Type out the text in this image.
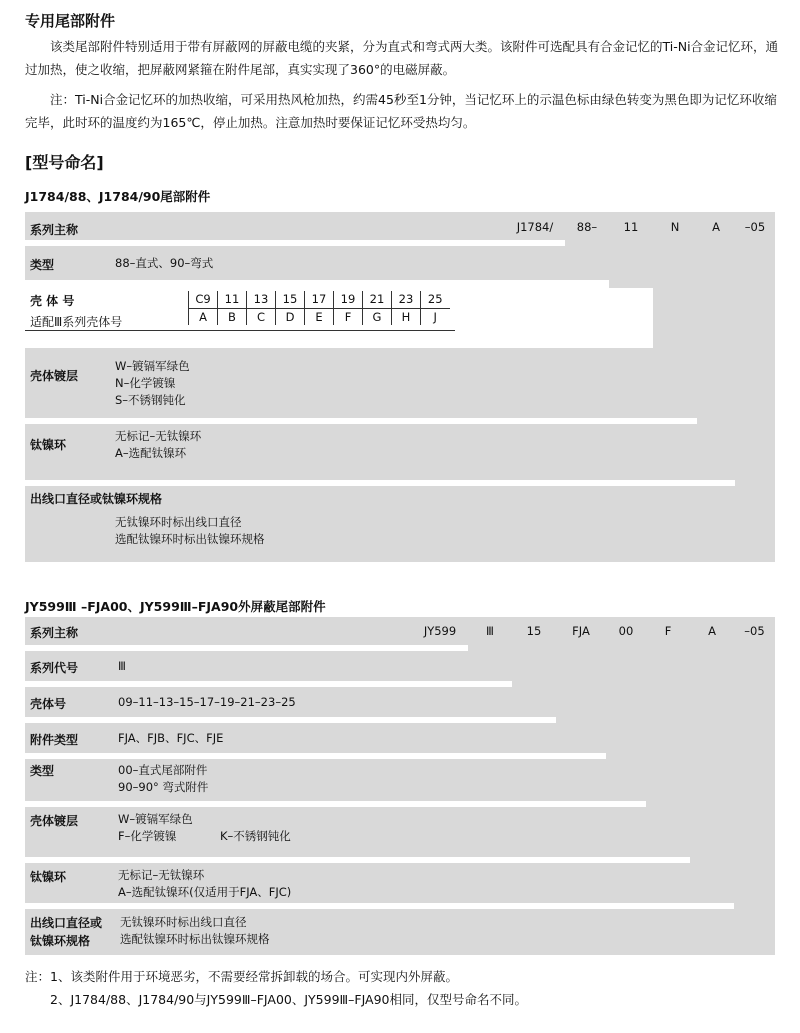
专用尾部附件
该类尾部附件特别适用于带有屏蔽网的屏蔽电缆的夹紧，分为直式和弯式两大类。该附件可选配具有合金记忆的Ti-Ni合金记忆环，通过加热，使之收缩，把屏蔽网紧箍在附件尾部，真实实现了360°的电磁屏蔽。
注：Ti-Ni合金记忆环的加热收缩，可采用热风枪加热，约需45秒至1分钟，当记忆环上的示温色标由绿色转变为黑色即为记忆环收缩完毕，此时环的温度约为165℃，停止加热。注意加热时要保证记忆环受热均匀。
[型号命名]
J1784/88、J1784/90尾部附件
J1784/	88–	11	N	A	–05
系列主称
类型	88–直式、90–弯式
壳 体 号
适配Ⅲ系列壳体号
C9	11	13	15	17	19	21	23	25
A	B	C	D	E	F	G	H	J
壳体镀层
W–镀镉军绿色
N–化学镀镍
S–不锈钢钝化
钛镍环
无标记–无钛镍环
A–选配钛镍环
出线口直径或钛镍环规格
无钛镍环时标出线口直径
选配钛镍环时标出钛镍环规格
JY599Ⅲ –FJA00、JY599Ⅲ–FJA90外屏蔽尾部附件
JY599	Ⅲ	15	FJA	00	F	A	–05
系列主称
系列代号	Ⅲ
壳体号	09–11–13–15–17–19–21–23–25
附件类型	FJA、FJB、FJC、FJE
类型	00–直式尾部附件
90–90° 弯式附件
壳体镀层	W–镀镉军绿色
F–化学镀镍	K–不锈钢钝化
钛镍环	无标记–无钛镍环
A–选配钛镍环(仅适用于FJA、FJC)
出线口直径或
钛镍环规格
无钛镍环时标出线口直径
选配钛镍环时标出钛镍环规格
注：1、该类附件用于环境恶劣，不需要经常拆卸载的场合。可实现内外屏蔽。
2、J1784/88、J1784/90与JY599Ⅲ–FJA00、JY599Ⅲ–FJA90相同，仅型号命名不同。
